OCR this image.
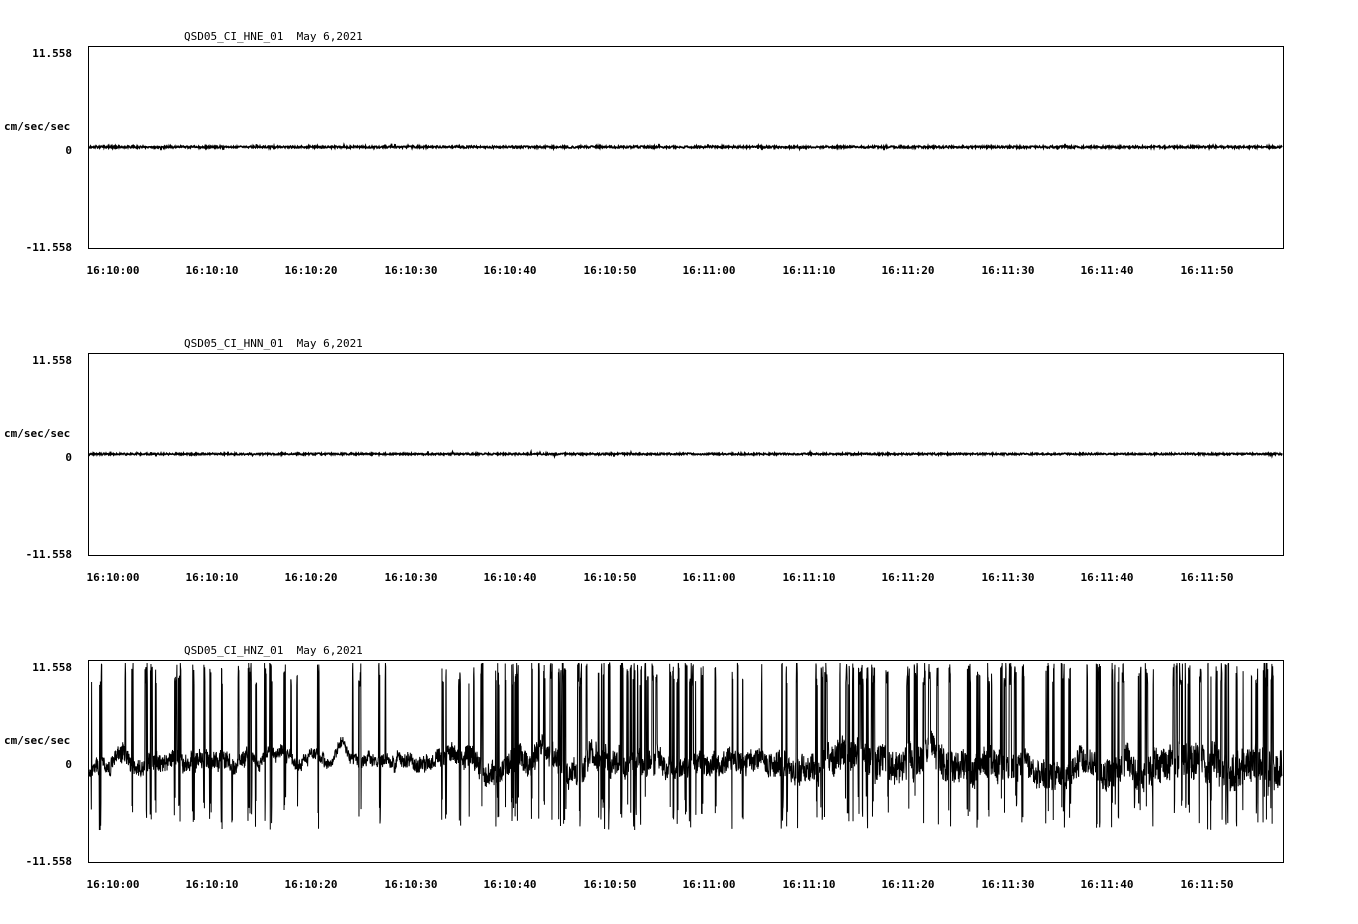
11.558
cm/sec/sec
0
-11.558
QSD05_CI_HNE_01  May 6,2021
16:10:00	16:10:10	16:10:20	16:10:30	16:10:40	16:10:50	16:11:00	16:11:10	16:11:20	16:11:30	16:11:40	16:11:50
11.558
cm/sec/sec
0
-11.558
QSD05_CI_HNN_01  May 6,2021
16:10:00	16:10:10	16:10:20	16:10:30	16:10:40	16:10:50	16:11:00	16:11:10	16:11:20	16:11:30	16:11:40	16:11:50
11.558
cm/sec/sec
0
-11.558
QSD05_CI_HNZ_01  May 6,2021
16:10:00	16:10:10	16:10:20	16:10:30	16:10:40	16:10:50	16:11:00	16:11:10	16:11:20	16:11:30	16:11:40	16:11:50
